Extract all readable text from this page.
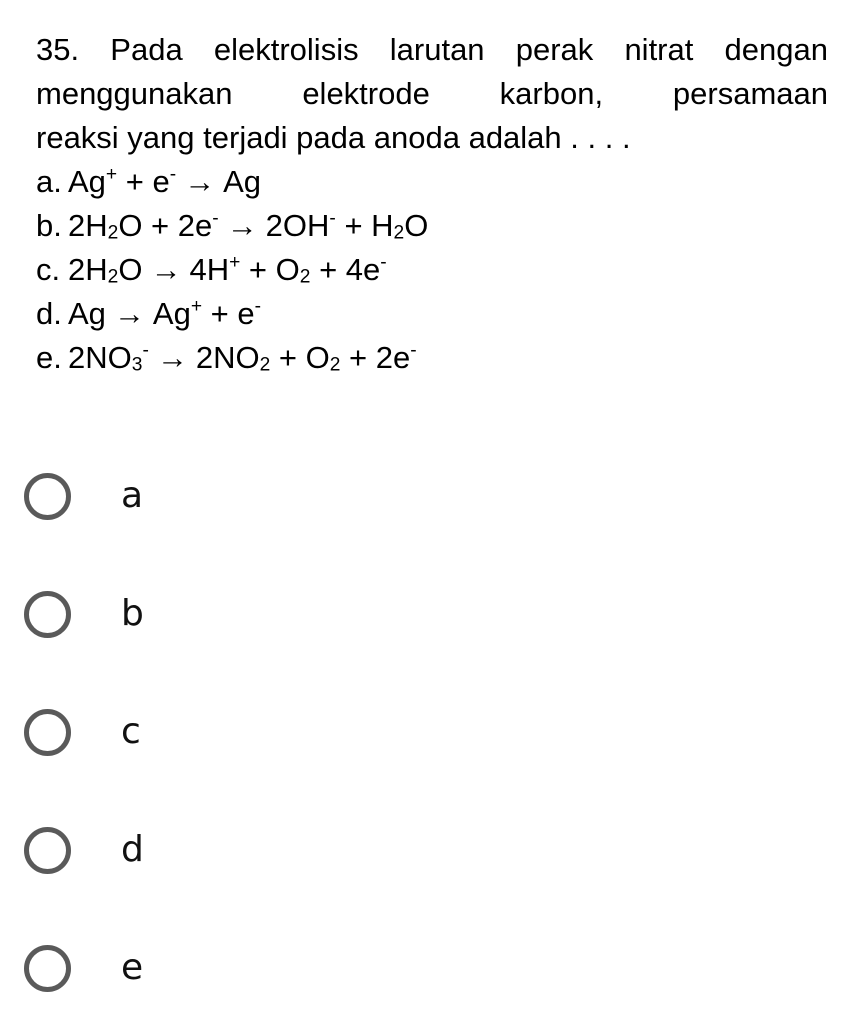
35. Pada elektrolisis larutan perak nitrat dengan
menggunakan elektrode karbon, persamaan
reaksi yang terjadi pada anoda adalah . . . .
a. Ag+ + e- → Ag
b. $2H_2O + 2e^- \to 2OH^- + H_2O$
c. $2H_2O \to 4H^+ + O_2 + 4e^-$
d. Ag → Ag+ + e-
e. $2NO_3^- \to 2NO_2 + O_2 + 2e^-$
a
b
c
d
e
